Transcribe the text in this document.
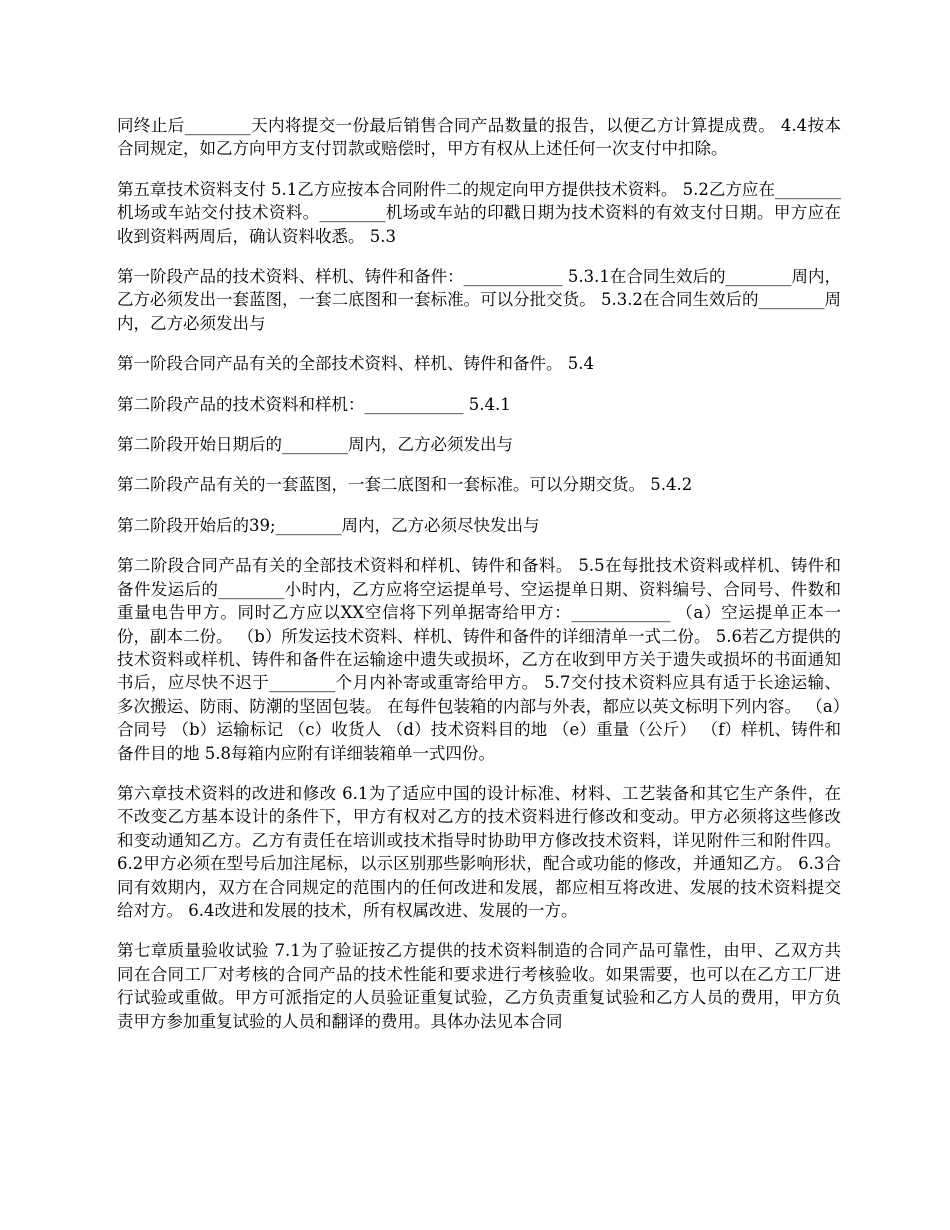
同终止后________天内将提交一份最后销售合同产品数量的报告，以便乙方计算提成费。 4.4按本合同规定，如乙方向甲方支付罚款或赔偿时，甲方有权从上述任何一次支付中扣除。

第五章技术资料支付 5.1乙方应按本合同附件二的规定向甲方提供技术资料。 5.2乙方应在________机场或车站交付技术资料。________机场或车站的印戳日期为技术资料的有效支付日期。甲方应在收到资料两周后，确认资料收悉。 5.3

第一阶段产品的技术资料、样机、铸件和备件：____________ 5.3.1在合同生效后的________周内，乙方必须发出一套蓝图，一套二底图和一套标准。可以分批交货。 5.3.2在合同生效后的________周内，乙方必须发出与

第一阶段合同产品有关的全部技术资料、样机、铸件和备件。 5.4

第二阶段产品的技术资料和样机：____________ 5.4.1

第二阶段开始日期后的________周内，乙方必须发出与

第二阶段产品有关的一套蓝图，一套二底图和一套标准。可以分期交货。 5.4.2

第二阶段开始后的39;________周内，乙方必须尽快发出与

第二阶段合同产品有关的全部技术资料和样机、铸件和备料。 5.5在每批技术资料或样机、铸件和备件发运后的________小时内，乙方应将空运提单号、空运提单日期、资料编号、合同号、件数和重量电告甲方。同时乙方应以XX空信将下列单据寄给甲方：____________ （a）空运提单正本一份，副本二份。 （b）所发运技术资料、样机、铸件和备件的详细清单一式二份。 5.6若乙方提供的技术资料或样机、铸件和备件在运输途中遗失或损坏，乙方在收到甲方关于遗失或损坏的书面通知书后，应尽快不迟于________个月内补寄或重寄给甲方。 5.7交付技术资料应具有适于长途运输、多次搬运、防雨、防潮的坚固包装。 在每件包装箱的内部与外表，都应以英文标明下列内容。 （a）合同号 （b）运输标记 （c）收货人 （d）技术资料目的地 （e）重量（公斤） （f）样机、铸件和备件目的地 5.8每箱内应附有详细装箱单一式四份。

第六章技术资料的改进和修改 6.1为了适应中国的设计标准、材料、工艺装备和其它生产条件，在不改变乙方基本设计的条件下，甲方有权对乙方的技术资料进行修改和变动。甲方必须将这些修改和变动通知乙方。乙方有责任在培训或技术指导时协助甲方修改技术资料，详见附件三和附件四。 6.2甲方必须在型号后加注尾标，以示区别那些影响形状，配合或功能的修改，并通知乙方。 6.3合同有效期内，双方在合同规定的范围内的任何改进和发展，都应相互将改进、发展的技术资料提交给对方。 6.4改进和发展的技术，所有权属改进、发展的一方。

第七章质量验收试验 7.1为了验证按乙方提供的技术资料制造的合同产品可靠性，由甲、乙双方共同在合同工厂对考核的合同产品的技术性能和要求进行考核验收。如果需要，也可以在乙方工厂进行试验或重做。甲方可派指定的人员验证重复试验，乙方负责重复试验和乙方人员的费用，甲方负责甲方参加重复试验的人员和翻译的费用。具体办法见本合同
